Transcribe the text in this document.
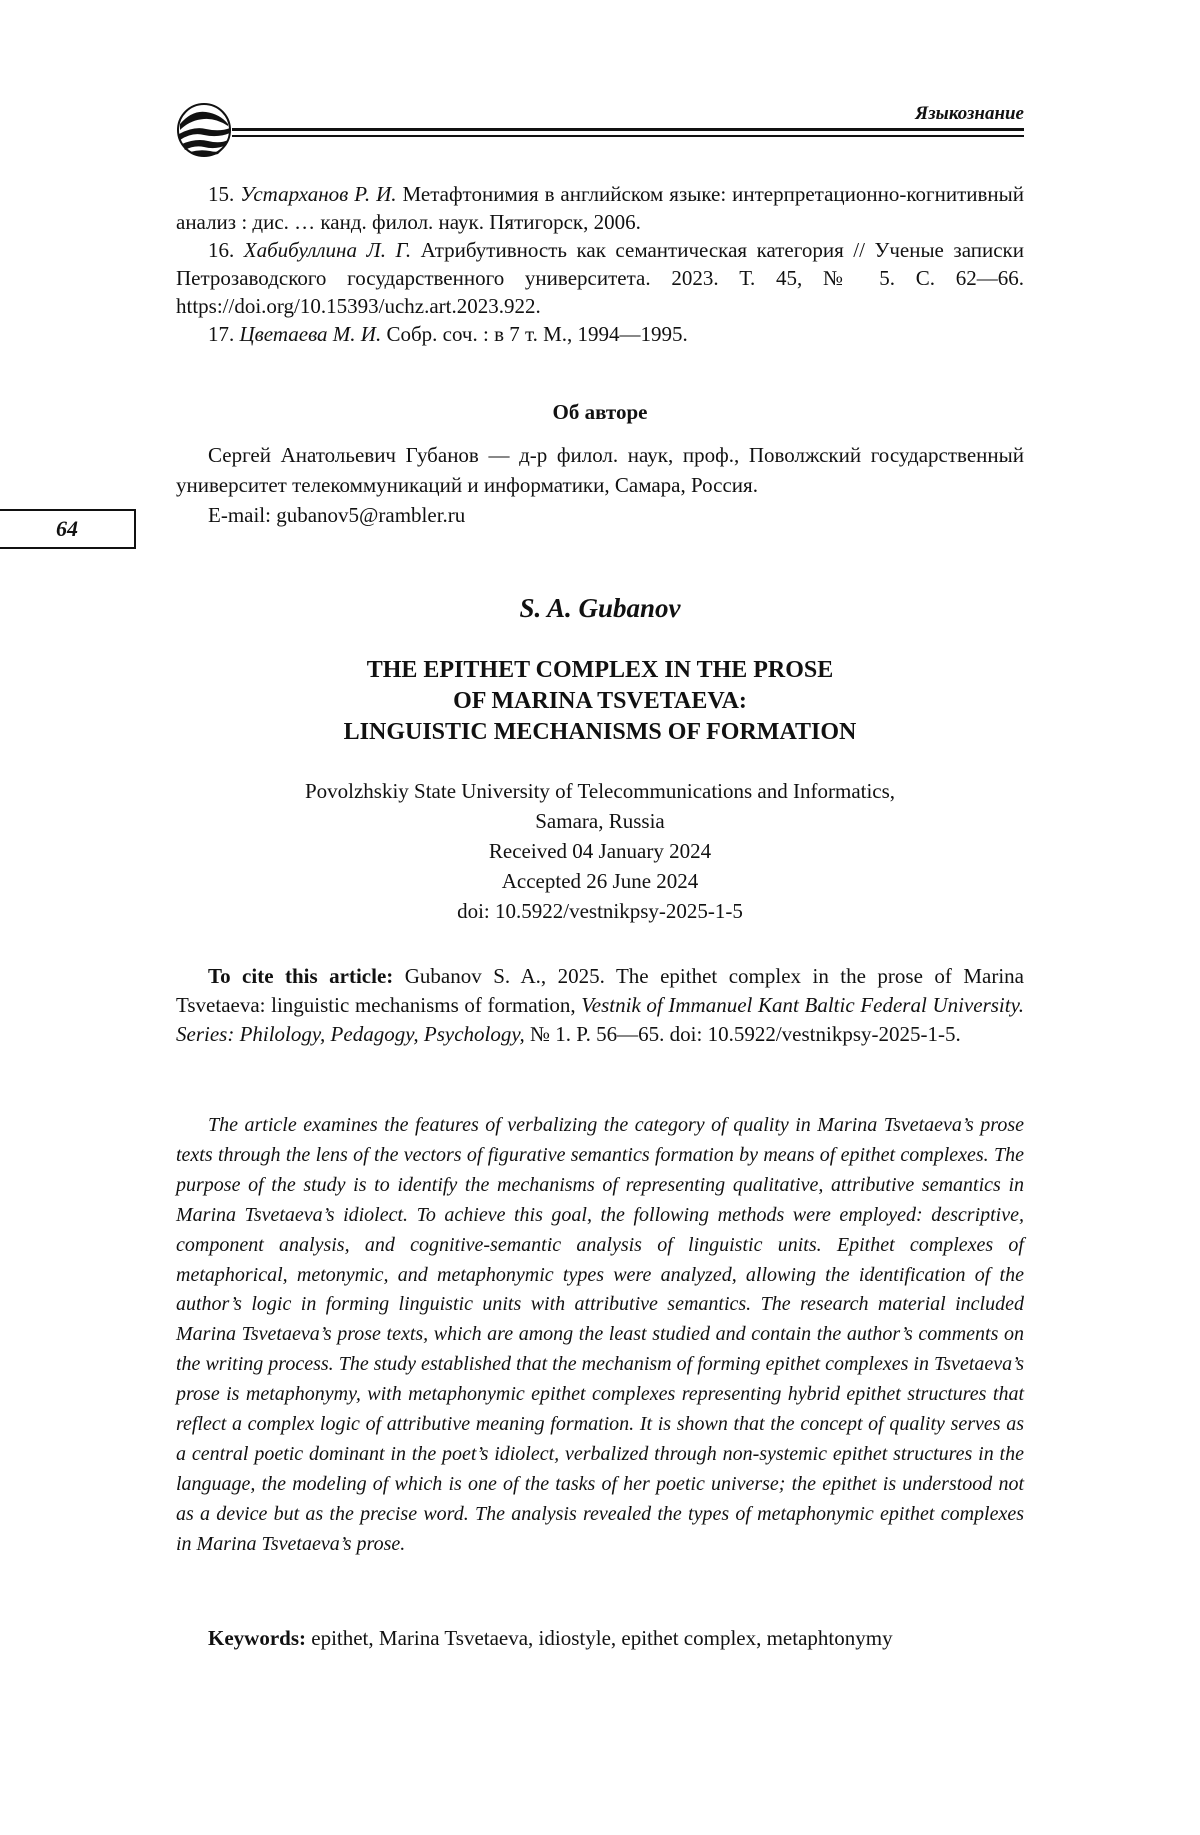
Языкознание
64

15. Устарханов Р. И. Метафтонимия в английском языке: интерпретационно-когнитивный анализ : дис. … канд. филол. наук. Пятигорск, 2006.

16. Хабибуллина Л. Г. Атрибутивность как семантическая категория // Ученые записки Петрозаводского государственного университета. 2023. Т. 45, № 5. С. 62—66. https://doi.org/10.15393/uchz.art.2023.922.

17. Цветаева М. И. Собр. соч. : в 7 т. М., 1994—1995.

Об авторе

Сергей Анатольевич Губанов — д-р филол. наук, проф., Поволжский государственный университет телекоммуникаций и информатики, Самара, Россия.

E-mail: gubanov5@rambler.ru
S. A. Gubanov
THE EPITHET COMPLEX IN THE PROSE
OF MARINA TSVETAEVA:
LINGUISTIC MECHANISMS OF FORMATION
Povolzhskiy State University of Telecommunications and Informatics,
Samara, Russia
Received 04 January 2024
Accepted 26 June 2024
doi: 10.5922/vestnikpsy-2025-1-5

To cite this article: Gubanov S. A., 2025. The epithet complex in the prose of Marina Tsvetaeva: linguistic mechanisms of formation, Vestnik of Immanuel Kant Baltic Federal University. Series: Philology, Pedagogy, Psychology, № 1. P. 56—65. doi: 10.5922/vestnikpsy-2025-1-5.

The article examines the features of verbalizing the category of quality in Marina Tsvetaeva’s prose texts through the lens of the vectors of figurative semantics formation by means of epithet complexes. The purpose of the study is to identify the mechanisms of representing qualitative, attributive semantics in Marina Tsvetaeva’s idiolect. To achieve this goal, the following methods were employed: descriptive, component analysis, and cognitive-semantic analysis of linguistic units. Epithet complexes of metaphorical, metonymic, and metaphonymic types were analyzed, allowing the identification of the author’s logic in forming linguistic units with attributive semantics. The research material included Marina Tsvetaeva’s prose texts, which are among the least studied and contain the author’s comments on the writing process. The study established that the mechanism of forming epithet complexes in Tsvetaeva’s prose is metaphonymy, with metaphonymic epithet complexes representing hybrid epithet structures that reflect a complex logic of attributive meaning formation. It is shown that the concept of quality serves as a central poetic dominant in the poet’s idiolect, verbalized through non-systemic epithet structures in the language, the modeling of which is one of the tasks of her poetic universe; the epithet is understood not as a device but as the precise word. The analysis revealed the types of metaphonymic epithet complexes in Marina Tsvetaeva’s prose.

Keywords: epithet, Marina Tsvetaeva, idiostyle, epithet complex, metaphtonymy
